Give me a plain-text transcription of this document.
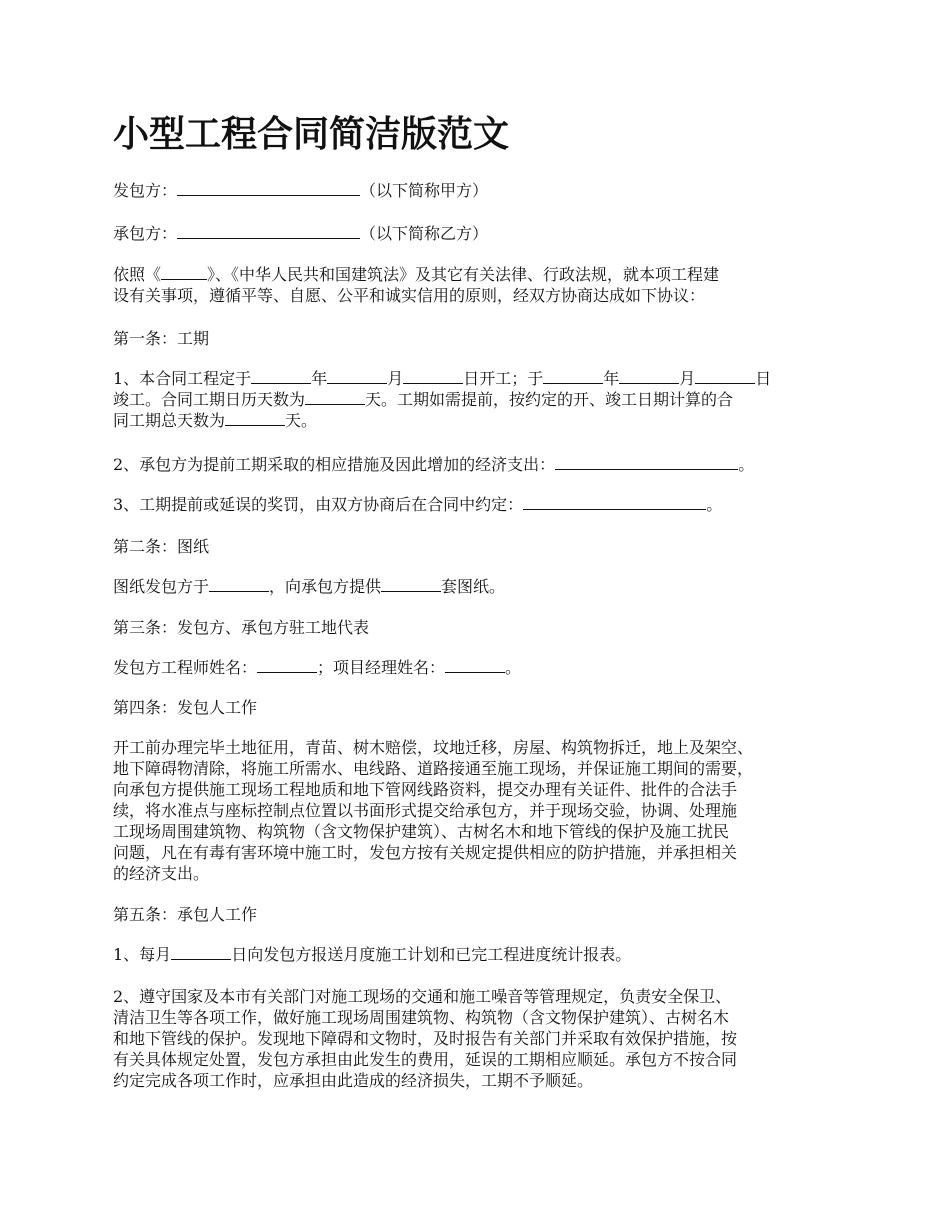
小型工程合同简洁版范文

发包方：	（以下简称甲方）

承包方：	（以下简称乙方）

依照《	》、《中华人民共和国建筑法》及其它有关法律、行政法规，就本项工程建
设有关事项，遵循平等、自愿、公平和诚实信用的原则，经双方协商达成如下协议：

第一条：工期

1、本合同工程定于	年	月	日开工；于	年	月	日
竣工。合同工期日历天数为	天。工期如需提前，按约定的开、竣工日期计算的合
同工期总天数为	天。

2、承包方为提前工期采取的相应措施及因此增加的经济支出：	。

3、工期提前或延误的奖罚，由双方协商后在合同中约定：	。

第二条：图纸

图纸发包方于	，向承包方提供	套图纸。

第三条：发包方、承包方驻工地代表

发包方工程师姓名：	；项目经理姓名：	。

第四条：发包人工作

开工前办理完毕土地征用，青苗、树木赔偿，坟地迁移，房屋、构筑物拆迁，地上及架空、
地下障碍物清除，将施工所需水、电线路、道路接通至施工现场，并保证施工期间的需要，
向承包方提供施工现场工程地质和地下管网线路资料，提交办理有关证件、批件的合法手
续，将水准点与座标控制点位置以书面形式提交给承包方，并于现场交验，协调、处理施
工现场周围建筑物、构筑物（含文物保护建筑）、古树名木和地下管线的保护及施工扰民
问题，凡在有毒有害环境中施工时，发包方按有关规定提供相应的防护措施，并承担相关
的经济支出。

第五条：承包人工作

1、每月	日向发包方报送月度施工计划和已完工程进度统计报表。

2、遵守国家及本市有关部门对施工现场的交通和施工噪音等管理规定，负责安全保卫、
清洁卫生等各项工作，做好施工现场周围建筑物、构筑物（含文物保护建筑）、古树名木
和地下管线的保护。发现地下障碍和文物时，及时报告有关部门并采取有效保护措施，按
有关具体规定处置，发包方承担由此发生的费用，延误的工期相应顺延。承包方不按合同
约定完成各项工作时，应承担由此造成的经济损失，工期不予顺延。
